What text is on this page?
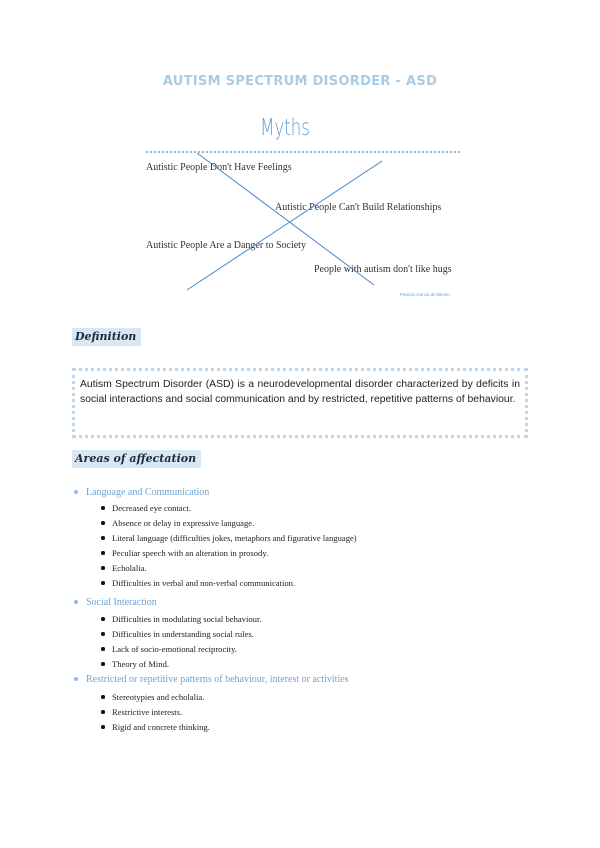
AUTISM SPECTRUM DISORDER - ASD
Myths
Autistic People Don't Have Feelings
Autistic People Can't Build Relationships
Autistic People Are a Danger to Society
People with autism don't like hugs
Patricia Garcia de Benito
Definition
Autism Spectrum Disorder (ASD) is a neurodevelopmental disorder characterized by deficits in social interactions and social communication and by restricted, repetitive patterns of behaviour.
Areas of affectation
Language and Communication
Decreased eye contact.
Absence or delay in expressive language.
Literal language (difficulties jokes, metaphors and figurative language)
Peculiar speech with an alteration in prosody.
Echolalia.
Difficulties in verbal and non-verbal communication.
Social Interaction
Difficulties in modulating social behaviour.
Difficulties in understanding social rules.
Lack of socio-emotional reciprocity.
Theory of Mind.
Restricted or repetitive patterns of behaviour, interest or activities
Stereotypies and echolalia.
Restrictive interests.
Rigid and concrete thinking.
